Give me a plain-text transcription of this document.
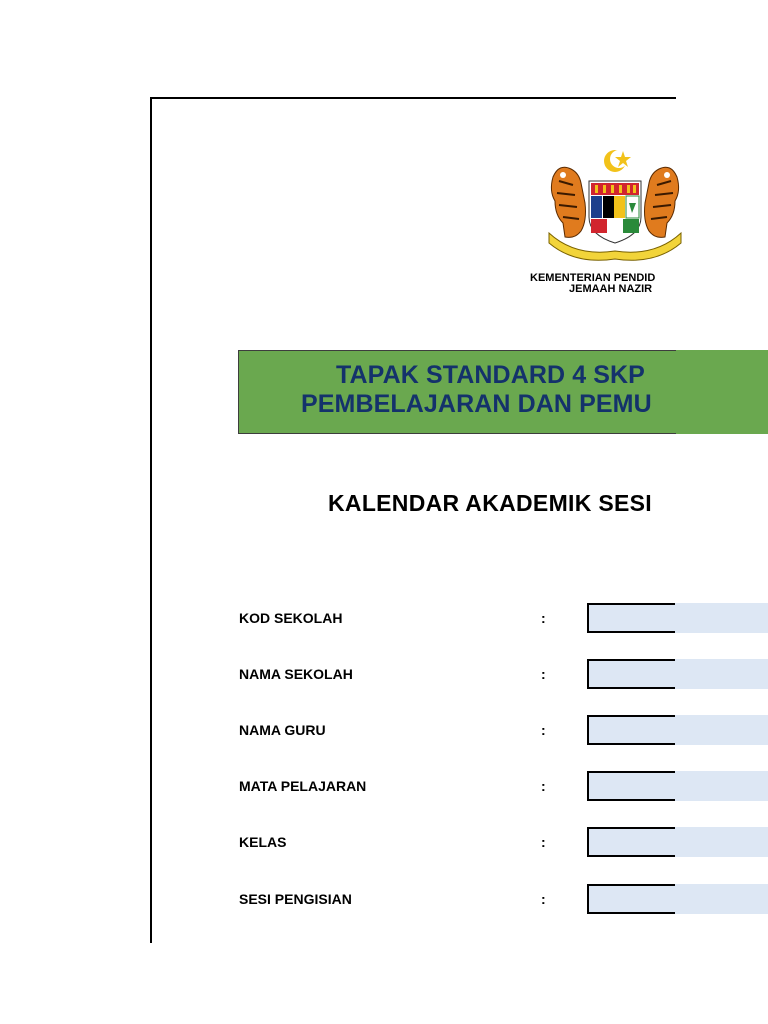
KEMENTERIAN PENDID
JEMAAH NAZIR
TAPAK STANDARD 4 SKP
PEMBELAJARAN DAN PEMU
KALENDAR AKADEMIK SESI
KOD SEKOLAH	:
NAMA SEKOLAH	:
NAMA GURU	:
MATA PELAJARAN	:
KELAS	:
SESI PENGISIAN	:
